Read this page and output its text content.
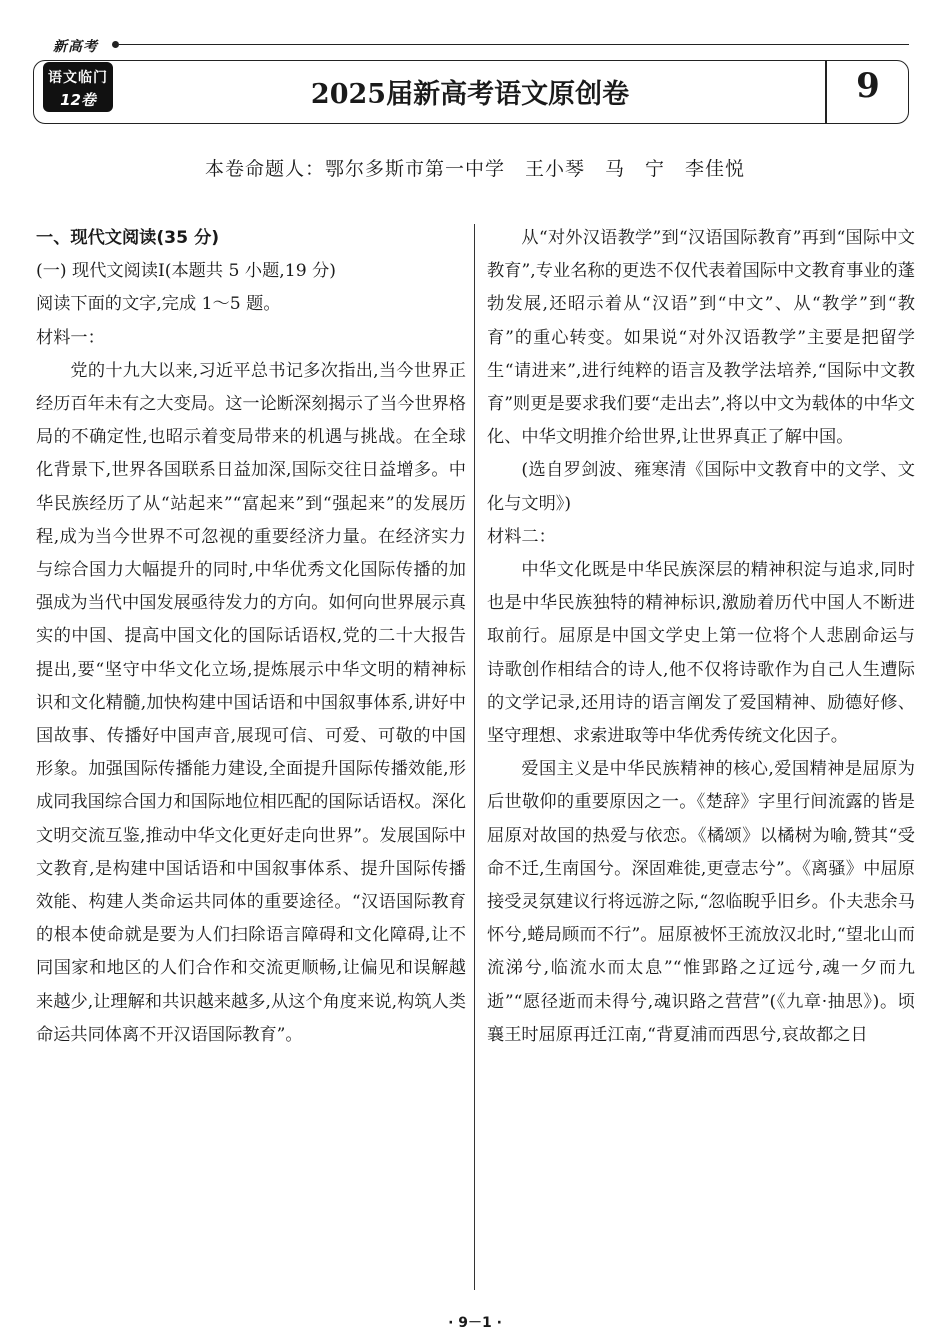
新高考
语文临门
12卷	2025届新高考语文原创卷	9
本卷命题人：鄂尔多斯市第一中学　王小琴　马　宁　李佳悦

一、现代文阅读(35 分)

(一) 现代文阅读Ⅰ(本题共 5 小题,19 分)

阅读下面的文字,完成 1～5 题。

材料一：

党的十九大以来,习近平总书记多次指出,当今世界正经历百年未有之大变局。这一论断深刻揭示了当今世界格局的不确定性,也昭示着变局带来的机遇与挑战。在全球化背景下,世界各国联系日益加深,国际交往日益增多。中华民族经历了从“站起来”“富起来”到“强起来”的发展历程,成为当今世界不可忽视的重要经济力量。在经济实力与综合国力大幅提升的同时,中华优秀文化国际传播的加强成为当代中国发展亟待发力的方向。如何向世界展示真实的中国、提高中国文化的国际话语权,党的二十大报告提出,要“坚守中华文化立场,提炼展示中华文明的精神标识和文化精髓,加快构建中国话语和中国叙事体系,讲好中国故事、传播好中国声音,展现可信、可爱、可敬的中国形象。加强国际传播能力建设,全面提升国际传播效能,形成同我国综合国力和国际地位相匹配的国际话语权。深化文明交流互鉴,推动中华文化更好走向世界”。发展国际中文教育,是构建中国话语和中国叙事体系、提升国际传播效能、构建人类命运共同体的重要途径。“汉语国际教育的根本使命就是要为人们扫除语言障碍和文化障碍,让不同国家和地区的人们合作和交流更顺畅,让偏见和误解越来越少,让理解和共识越来越多,从这个角度来说,构筑人类命运共同体离不开汉语国际教育”。

从“对外汉语教学”到“汉语国际教育”再到“国际中文教育”,专业名称的更迭不仅代表着国际中文教育事业的蓬勃发展,还昭示着从“汉语”到“中文”、从“教学”到“教育”的重心转变。如果说“对外汉语教学”主要是把留学生“请进来”,进行纯粹的语言及教学法培养,“国际中文教育”则更是要求我们要“走出去”,将以中文为载体的中华文化、中华文明推介给世界,让世界真正了解中国。

(选自罗剑波、雍寒清《国际中文教育中的文学、文化与文明》)

材料二：

中华文化既是中华民族深层的精神积淀与追求,同时也是中华民族独特的精神标识,激励着历代中国人不断进取前行。屈原是中国文学史上第一位将个人悲剧命运与诗歌创作相结合的诗人,他不仅将诗歌作为自己人生遭际的文学记录,还用诗的语言阐发了爱国精神、励德好修、坚守理想、求索进取等中华优秀传统文化因子。

爱国主义是中华民族精神的核心,爱国精神是屈原为后世敬仰的重要原因之一。《楚辞》字里行间流露的皆是屈原对故国的热爱与依恋。《橘颂》以橘树为喻,赞其“受命不迁,生南国兮。深固难徙,更壹志兮”。《离骚》中屈原接受灵氛建议行将远游之际,“忽临睨乎旧乡。仆夫悲余马怀兮,蜷局顾而不行”。屈原被怀王流放汉北时,“望北山而流涕兮,临流水而太息”“惟郢路之辽远兮,魂一夕而九逝”“愿径逝而未得兮,魂识路之营营”(《九章·抽思》)。顷襄王时屈原再迁江南,“背夏浦而西思兮,哀故都之日

· 9－1 ·
